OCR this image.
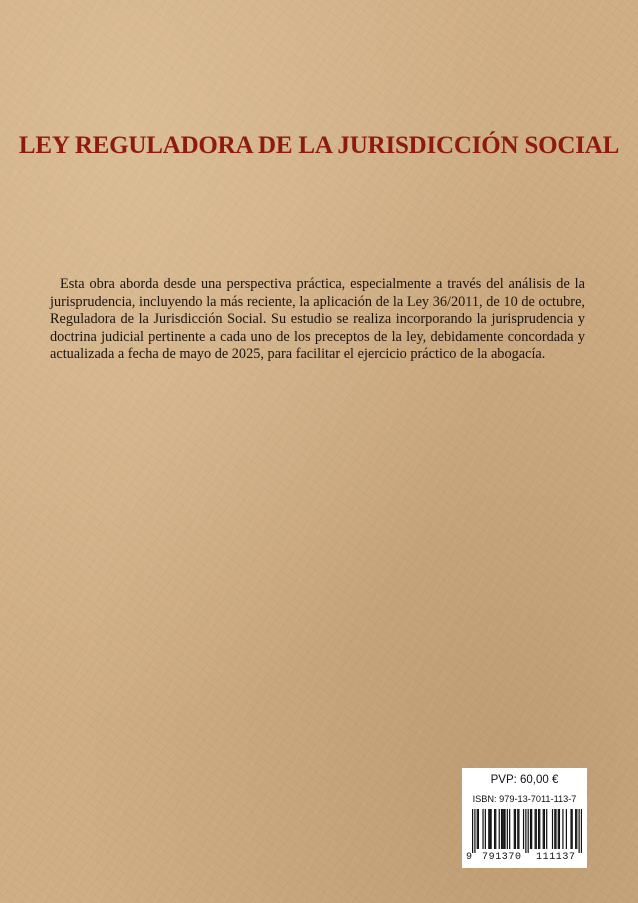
LEY REGULADORA DE LA JURISDICCIÓN SOCIAL

Esta obra aborda desde una perspectiva práctica, especialmente a través del análisis de la jurisprudencia, incluyendo la más reciente, la aplicación de la Ley 36/2011, de 10 de octubre, Reguladora de la Jurisdicción Social. Su estudio se realiza incorporando la jurisprudencia y doctrina judicial pertinente a cada uno de los preceptos de la ley, debidamente concordada y actualizada a fecha de mayo de 2025, para facilitar el ejercicio práctico de la abogacía.

PVP: 60,00 €
ISBN: 979-13-7011-113-7
9 791370 111137
